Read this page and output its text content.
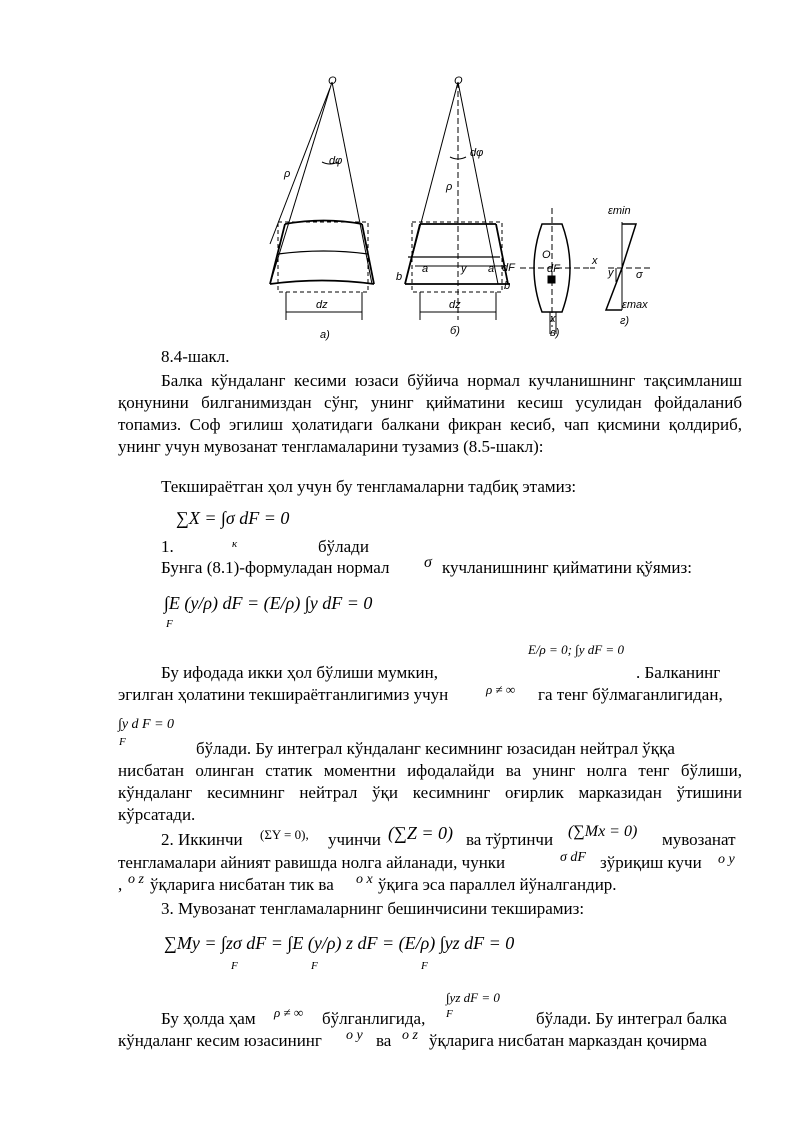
O
dφ
ρ
dz
a)
O
dφ
ρ
a
b
a
b
y	dF
dz
б)
O
dF
x
x
в)
εmin
y σ
εmax
г)
8.4-шакл.
Балка кўндаланг кесими юзаси бўйича нормал кучланишнинг тақсимланиш қонунини билганимиздан сўнг, унинг қийматини кесиш усулидан фойдаланиб топамиз. Соф эгилиш ҳолатидаги балкани фикран кесиб, чап қисмини қолдириб, унинг учун мувозанат тенгламаларини тузамиз (8.5-шакл):
Текшираётган ҳол учун бу тенгламаларни тадбиқ этамиз:
∑X = ∫σ dF = 0
к
1.	бўлади
Бунга (8.1)-формуладан нормал σ кучланишнинг қийматини қўямиз:
∫E (y/ρ) dF = (E/ρ) ∫y dF = 0
F
E/ρ = 0; ∫y dF = 0
Бу ифодада икки ҳол бўлиши мумкин,	. Балканинг
эгилган ҳолатини текшираётганлигимиз учун	ρ ≠ ∞ га тенг бўлмаганлигидан,
∫y d F = 0
F	бўлади. Бу интеграл кўндаланг кесимнинг юзасидан нейтрал ўққа
нисбатан олинган статик моментни ифодалайди ва унинг нолга тенг бўлиши, кўндаланг кесимнинг нейтрал ўқи кесимнинг оғирлик марказидан ўтишини кўрсатади.
2. Иккинчи (ΣY = 0), учинчи (∑Z = 0) ва тўртинчи (∑Mx = 0) мувозанат
тенгламалари айният равишда нолга айланади, чунки	σ dF зўриқиш кучи o y
, o z ўқларига нисбатан тик ва o x ўқига эса параллел йўналгандир.
3. Мувозанат тенгламаларнинг бешинчисини текширамиз:
∑My = ∫zσ dF = ∫E (y/ρ) z dF = (E/ρ) ∫yz dF = 0
F	F	F
∫yz dF = 0
F
Бу ҳолда ҳам ρ ≠ ∞ бўлганлигида,	бўлади. Бу интеграл балка
кўндаланг кесим юзасининг o y ва o z ўқларига нисбатан марказдан қочирма
